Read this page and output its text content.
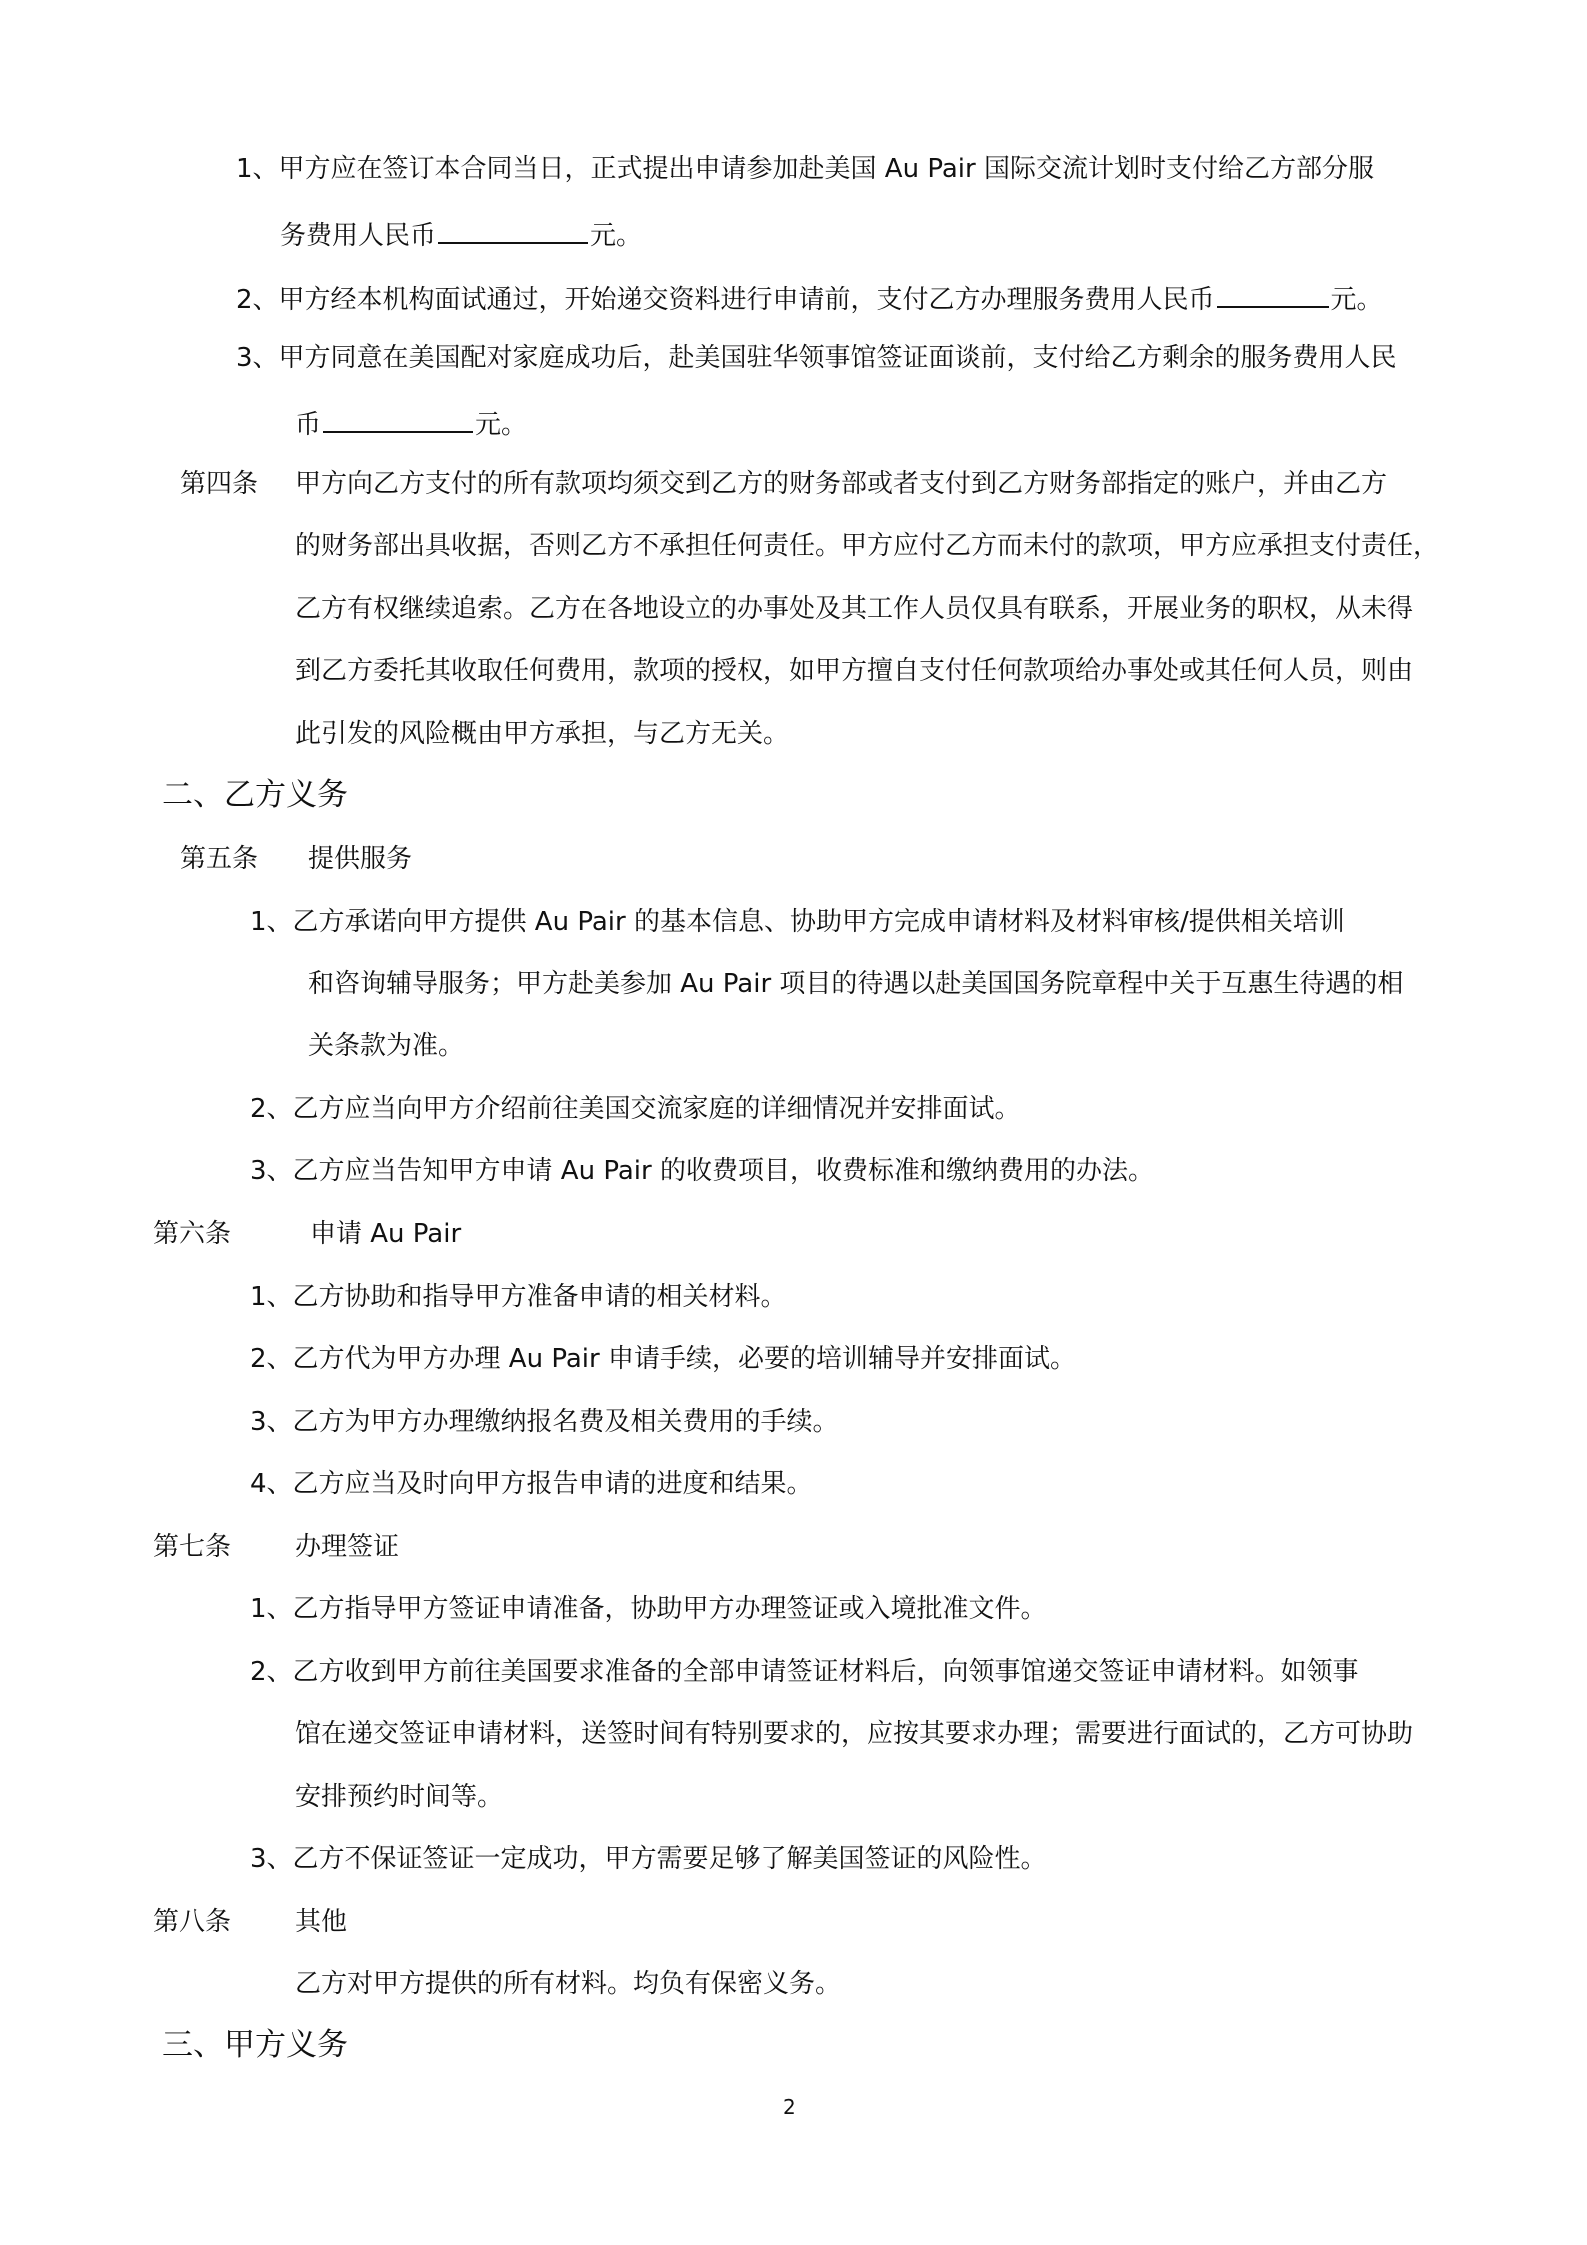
1、甲方应在签订本合同当日，正式提出申请参加赴美国 Au Pair 国际交流计划时支付给乙方部分服
务费用人民币	元。
2、甲方经本机构面试通过，开始递交资料进行申请前，支付乙方办理服务费用人民币	元。
3、甲方同意在美国配对家庭成功后，赴美国驻华领事馆签证面谈前，支付给乙方剩余的服务费用人民
币	元。
第四条 甲方向乙方支付的所有款项均须交到乙方的财务部或者支付到乙方财务部指定的账户，并由乙方
的财务部出具收据，否则乙方不承担任何责任。甲方应付乙方而未付的款项，甲方应承担支付责任，
乙方有权继续追索。乙方在各地设立的办事处及其工作人员仅具有联系，开展业务的职权，从未得
到乙方委托其收取任何费用，款项的授权，如甲方擅自支付任何款项给办事处或其任何人员，则由
此引发的风险概由甲方承担，与乙方无关。
二、乙方义务
第五条 提供服务
1、乙方承诺向甲方提供 Au Pair 的基本信息、协助甲方完成申请材料及材料审核/提供相关培训
和咨询辅导服务；甲方赴美参加 Au Pair 项目的待遇以赴美国国务院章程中关于互惠生待遇的相
关条款为准。
2、乙方应当向甲方介绍前往美国交流家庭的详细情况并安排面试。
3、乙方应当告知甲方申请 Au Pair 的收费项目，收费标准和缴纳费用的办法。
第六条	申请 Au Pair
1、乙方协助和指导甲方准备申请的相关材料。
2、乙方代为甲方办理 Au Pair 申请手续，必要的培训辅导并安排面试。
3、乙方为甲方办理缴纳报名费及相关费用的手续。
4、乙方应当及时向甲方报告申请的进度和结果。
第七条 办理签证
1、乙方指导甲方签证申请准备，协助甲方办理签证或入境批准文件。
2、乙方收到甲方前往美国要求准备的全部申请签证材料后，向领事馆递交签证申请材料。如领事
馆在递交签证申请材料，送签时间有特别要求的，应按其要求办理；需要进行面试的，乙方可协助
安排预约时间等。
3、乙方不保证签证一定成功，甲方需要足够了解美国签证的风险性。
第八条 其他
乙方对甲方提供的所有材料。均负有保密义务。
三、甲方义务
2
